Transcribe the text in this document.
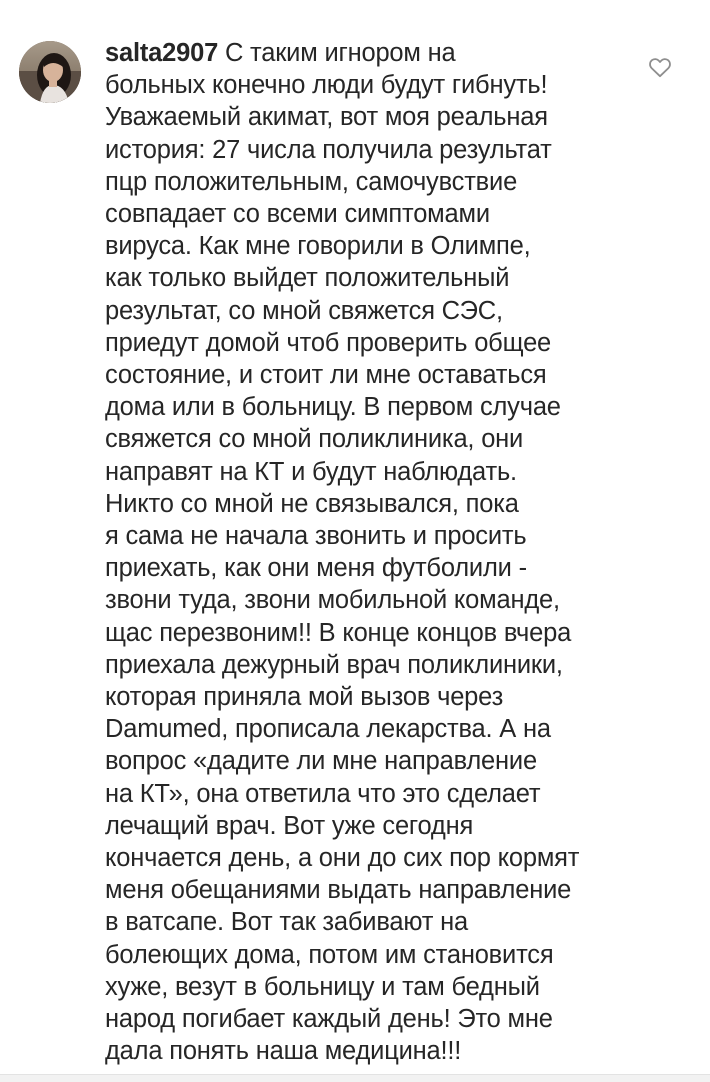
salta2907 С таким игнором на
больных конечно люди будут гибнуть!
Уважаемый акимат, вот моя реальная
история: 27 числа получила результат
пцр положительным, самочувствие
совпадает со всеми симптомами
вируса. Как мне говорили в Олимпе,
как только выйдет положительный
результат, со мной свяжется СЭС,
приедут домой чтоб проверить общее
состояние, и стоит ли мне оставаться
дома или в больницу. В первом случае
свяжется со мной поликлиника, они
направят на КТ и будут наблюдать.
Никто со мной не связывался, пока
я сама не начала звонить и просить
приехать, как они меня футболили -
звони туда, звони мобильной команде,
щас перезвоним!! В конце концов вчера
приехала дежурный врач поликлиники,
которая приняла мой вызов через
Damumed, прописала лекарства. А на
вопрос «дадите ли мне направление
на КТ», она ответила что это сделает
лечащий врач. Вот уже сегодня
кончается день, а они до сих пор кормят
меня обещаниями выдать направление
в ватсапе. Вот так забивают на
болеющих дома, потом им становится
хуже, везут в больницу и там бедный
народ погибает каждый день! Это мне
дала понять наша медицина!!!
